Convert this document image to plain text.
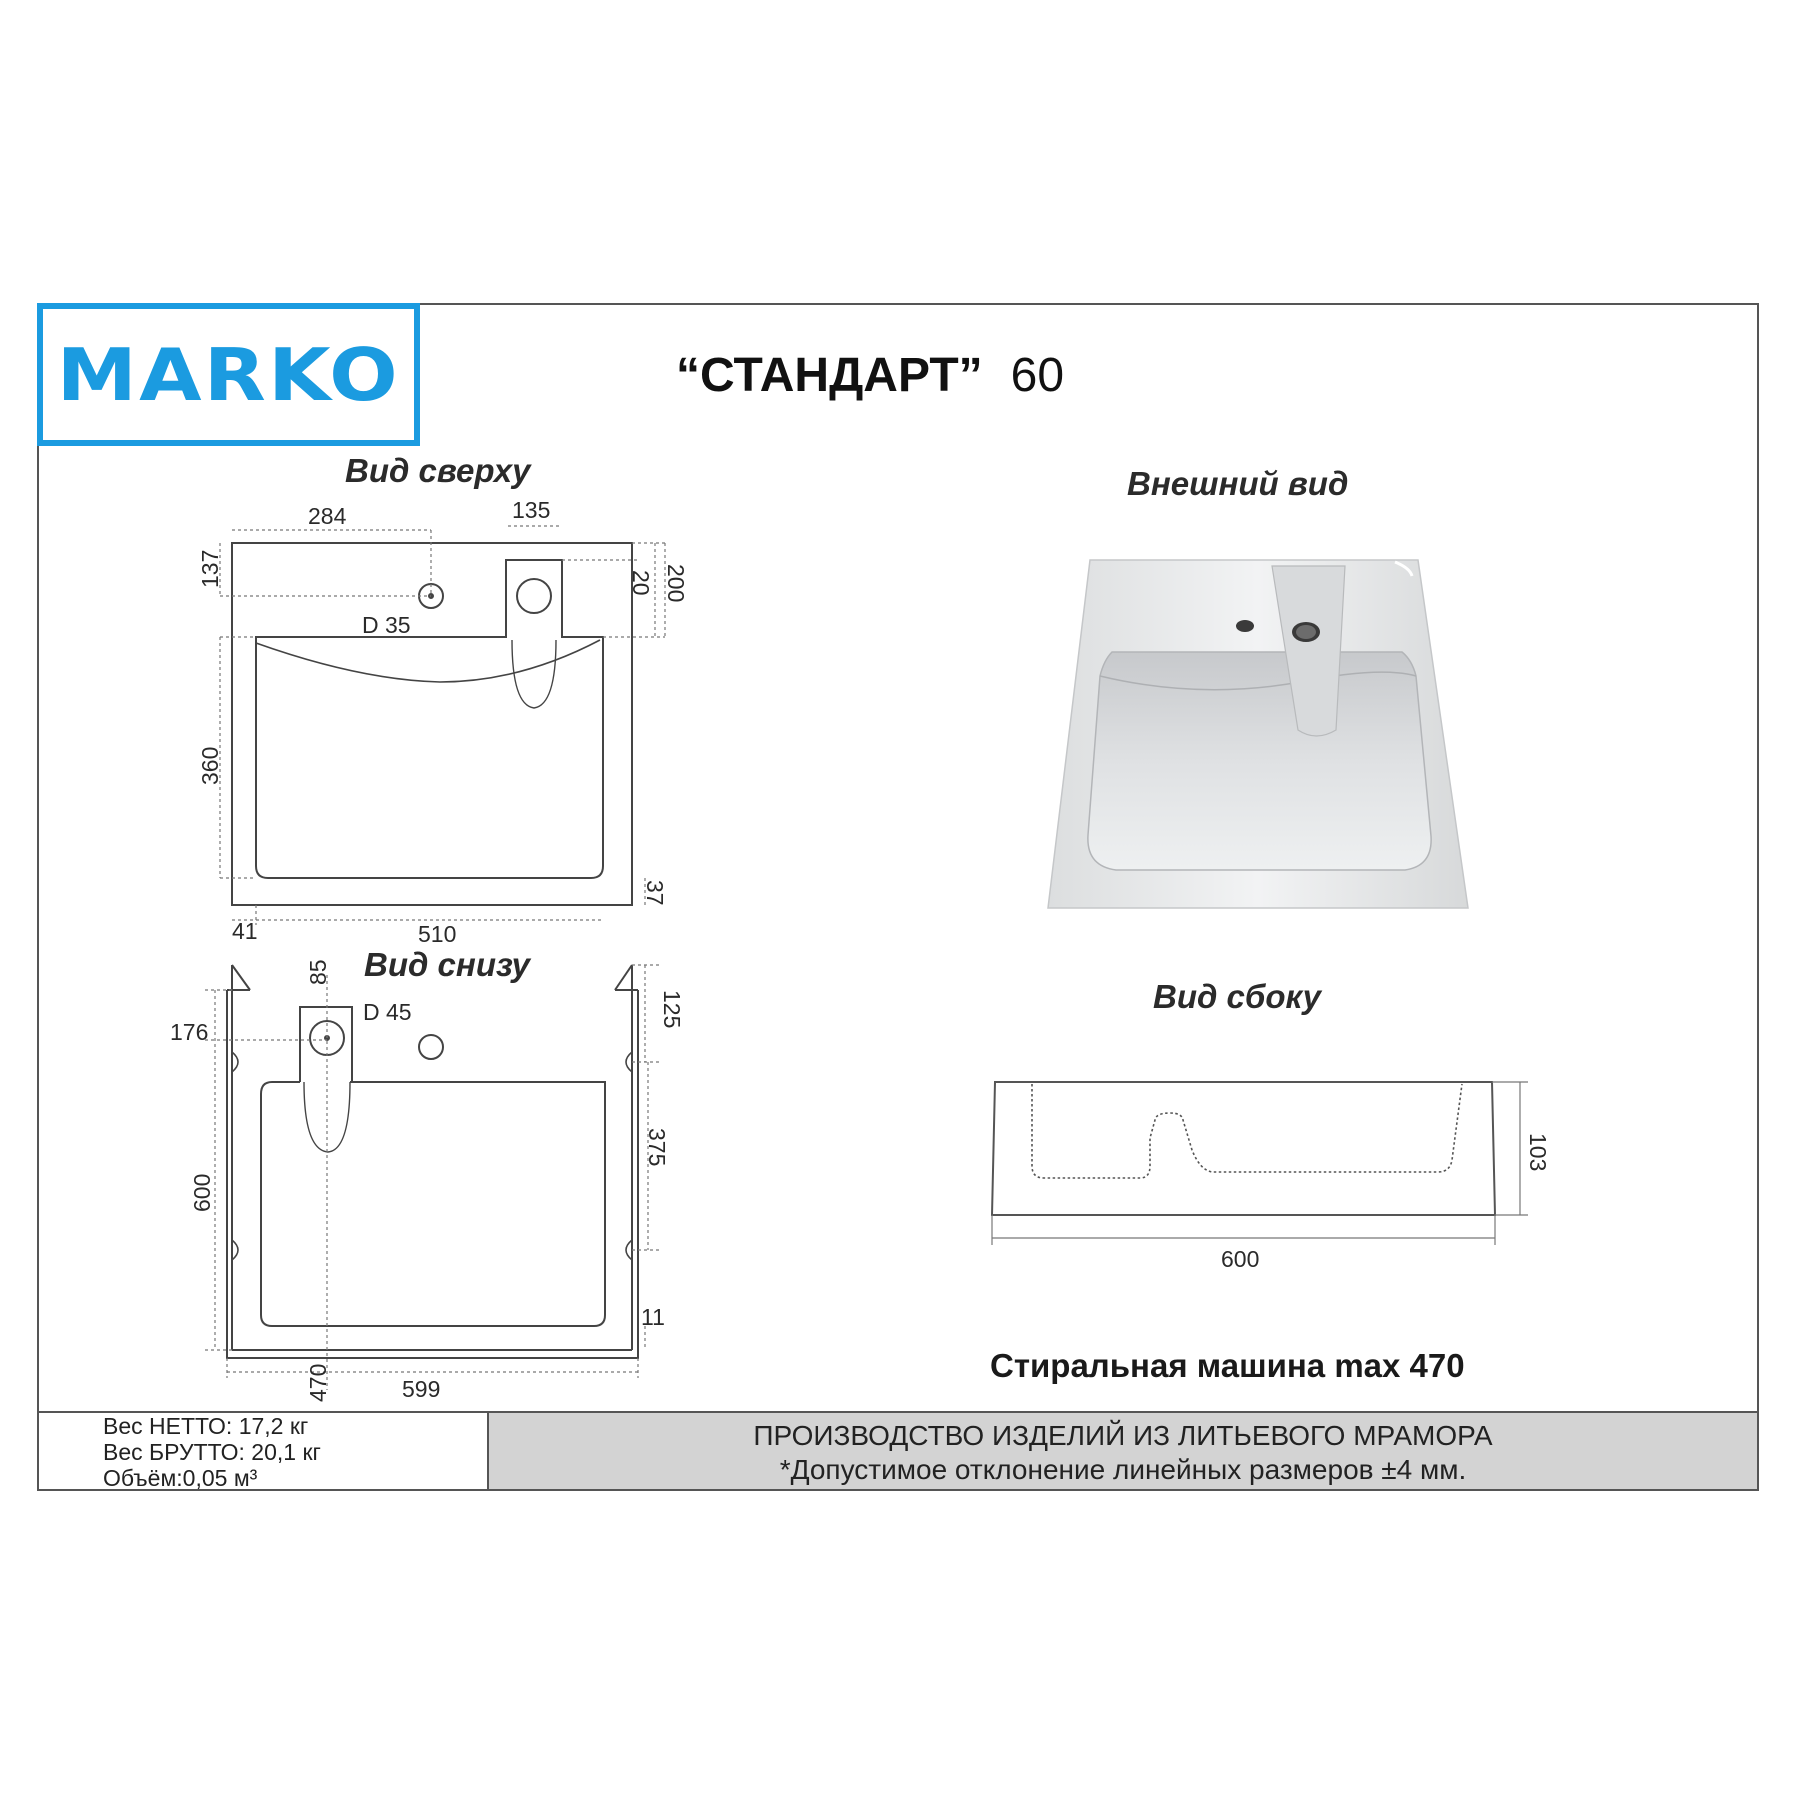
MARKO	“СТАНДАРТ” 60
Вид сверху
Вид снизу
Внешний вид
Вид сбоку
Стиральная машина max 470
284	135
137	20 200
D 35
360
37
41	510
85
D 45
176
125
375
600
11
470	599
103
600
Вес НЕТТО: 17,2 кг
Вес БРУТТО: 20,1 кг
Объём:0,05 м³
ПРОИЗВОДСТВО ИЗДЕЛИЙ ИЗ ЛИТЬЕВОГО МРАМОРА
*Допустимое отклонение линейных размеров ±4 мм.
